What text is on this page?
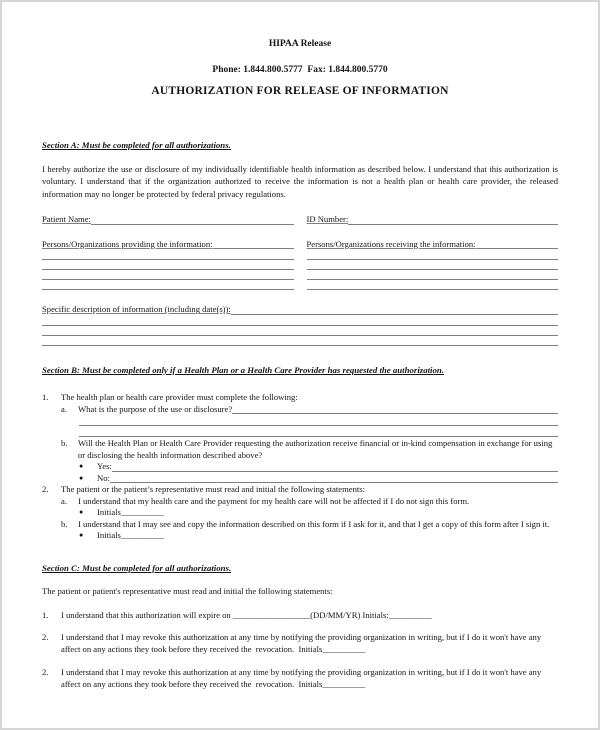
HIPAA Release
Phone: 1.844.800.5777  Fax: 1.844.800.5770
AUTHORIZATION FOR RELEASE OF INFORMATION
Section A: Must be completed for all authorizations.

I hereby authorize the use or disclosure of my individually identifiable health information as described below. I understand that this authorization is voluntary. I understand that if the organization authorized to receive the information is not a health plan or health care provider, the released information may no longer be protected by federal privacy regulations.

Patient Name:	ID Number:
Persons/Organizations providing the information:	Persons/Organizations receiving the information:
Specific description of information (including date(s)):
Section B: Must be completed only if a Health Plan or a Health Care Provider has requested the authorization.
1.	The health plan or health care provider must complete the following:
a.	What is the purpose of the use or disclosure?
b.	Will the Health Plan or Health Care Provider requesting the authorization receive financial or in-kind compensation in exchange for using or disclosing the health information described above?
●	Yes:
●	No:
2.	The patient or the patient’s representative must read and initial the following statements:
a.	I understand that my health care and the payment for my health care will not be affected if I do not sign this form.
●	Initials__________
b.	I understand that I may see and copy the information described on this form if I ask for it, and that I get a copy of this form after I sign it.
●	Initials__________
Section C: Must be completed for all authorizations.

The patient or patient's representative must read and initial the following statements:

1.	I understand that this authorization will expire on __________________(DD/MM/YR) Initials:__________
2.	I understand that I may revoke this authorization at any time by notifying the providing organization in writing, but if I do it won't have any affect on any actions they took before they received the  revocation.  Initials__________
2.	I understand that I may revoke this authorization at any time by notifying the providing organization in writing, but if I do it won't have any affect on any actions they took before they received the  revocation.  Initials__________
